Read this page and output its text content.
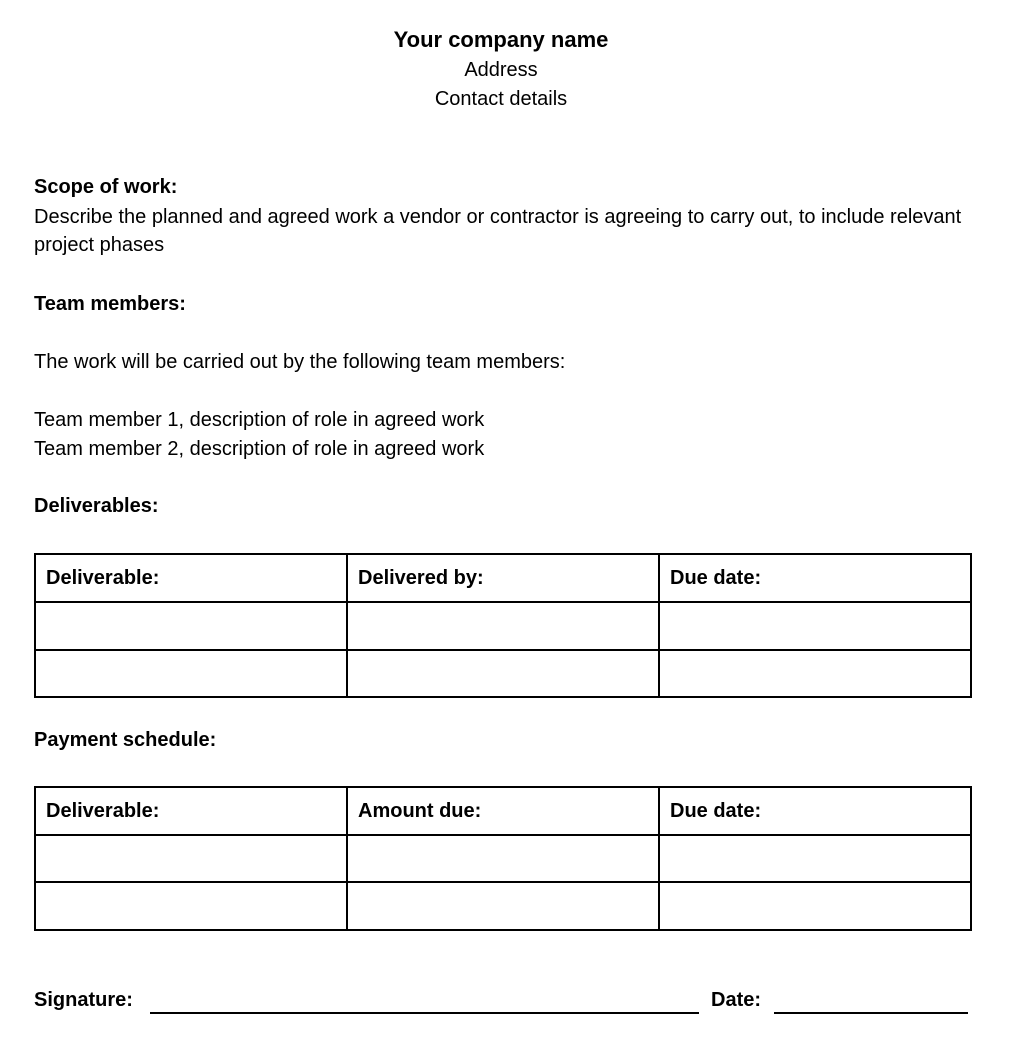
Your company name
Address
Contact details
Scope of work:
Describe the planned and agreed work a vendor or contractor is agreeing to carry out, to include relevant project phases
Team members:
The work will be carried out by the following team members:
Team member 1, description of role in agreed work
Team member 2, description of role in agreed work
Deliverables:
Deliverable:	Delivered by:	Due date:

Payment schedule:
Deliverable:	Amount due:	Due date:

Signature:	Date:
